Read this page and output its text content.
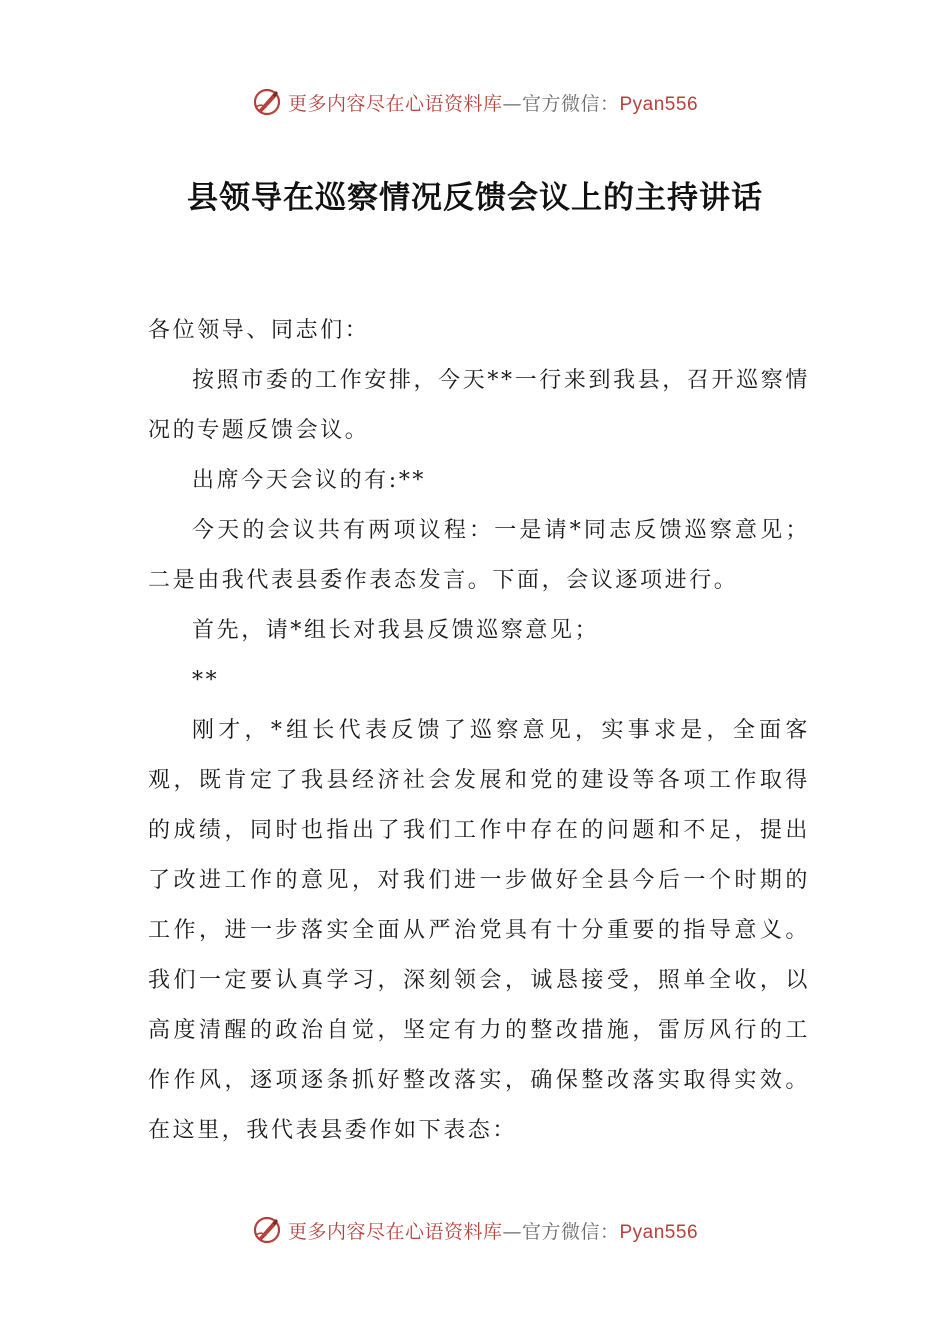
更多内容尽在心语资料库—官方微信：Pyan556
县领导在巡察情况反馈会议上的主持讲话

各位领导、同志们：

按照市委的工作安排，今天**一行来到我县，召开巡察情况的专题反馈会议。

出席今天会议的有:**

今天的会议共有两项议程：一是请*同志反馈巡察意见；二是由我代表县委作表态发言。下面，会议逐项进行。

首先，请*组长对我县反馈巡察意见；

**

刚才，*组长代表反馈了巡察意见，实事求是，全面客观，既肯定了我县经济社会发展和党的建设等各项工作取得的成绩，同时也指出了我们工作中存在的问题和不足，提出了改进工作的意见，对我们进一步做好全县今后一个时期的工作，进一步落实全面从严治党具有十分重要的指导意义。我们一定要认真学习，深刻领会，诚恳接受，照单全收，以高度清醒的政治自觉，坚定有力的整改措施，雷厉风行的工作作风，逐项逐条抓好整改落实，确保整改落实取得实效。在这里，我代表县委作如下表态：

更多内容尽在心语资料库—官方微信：Pyan556
